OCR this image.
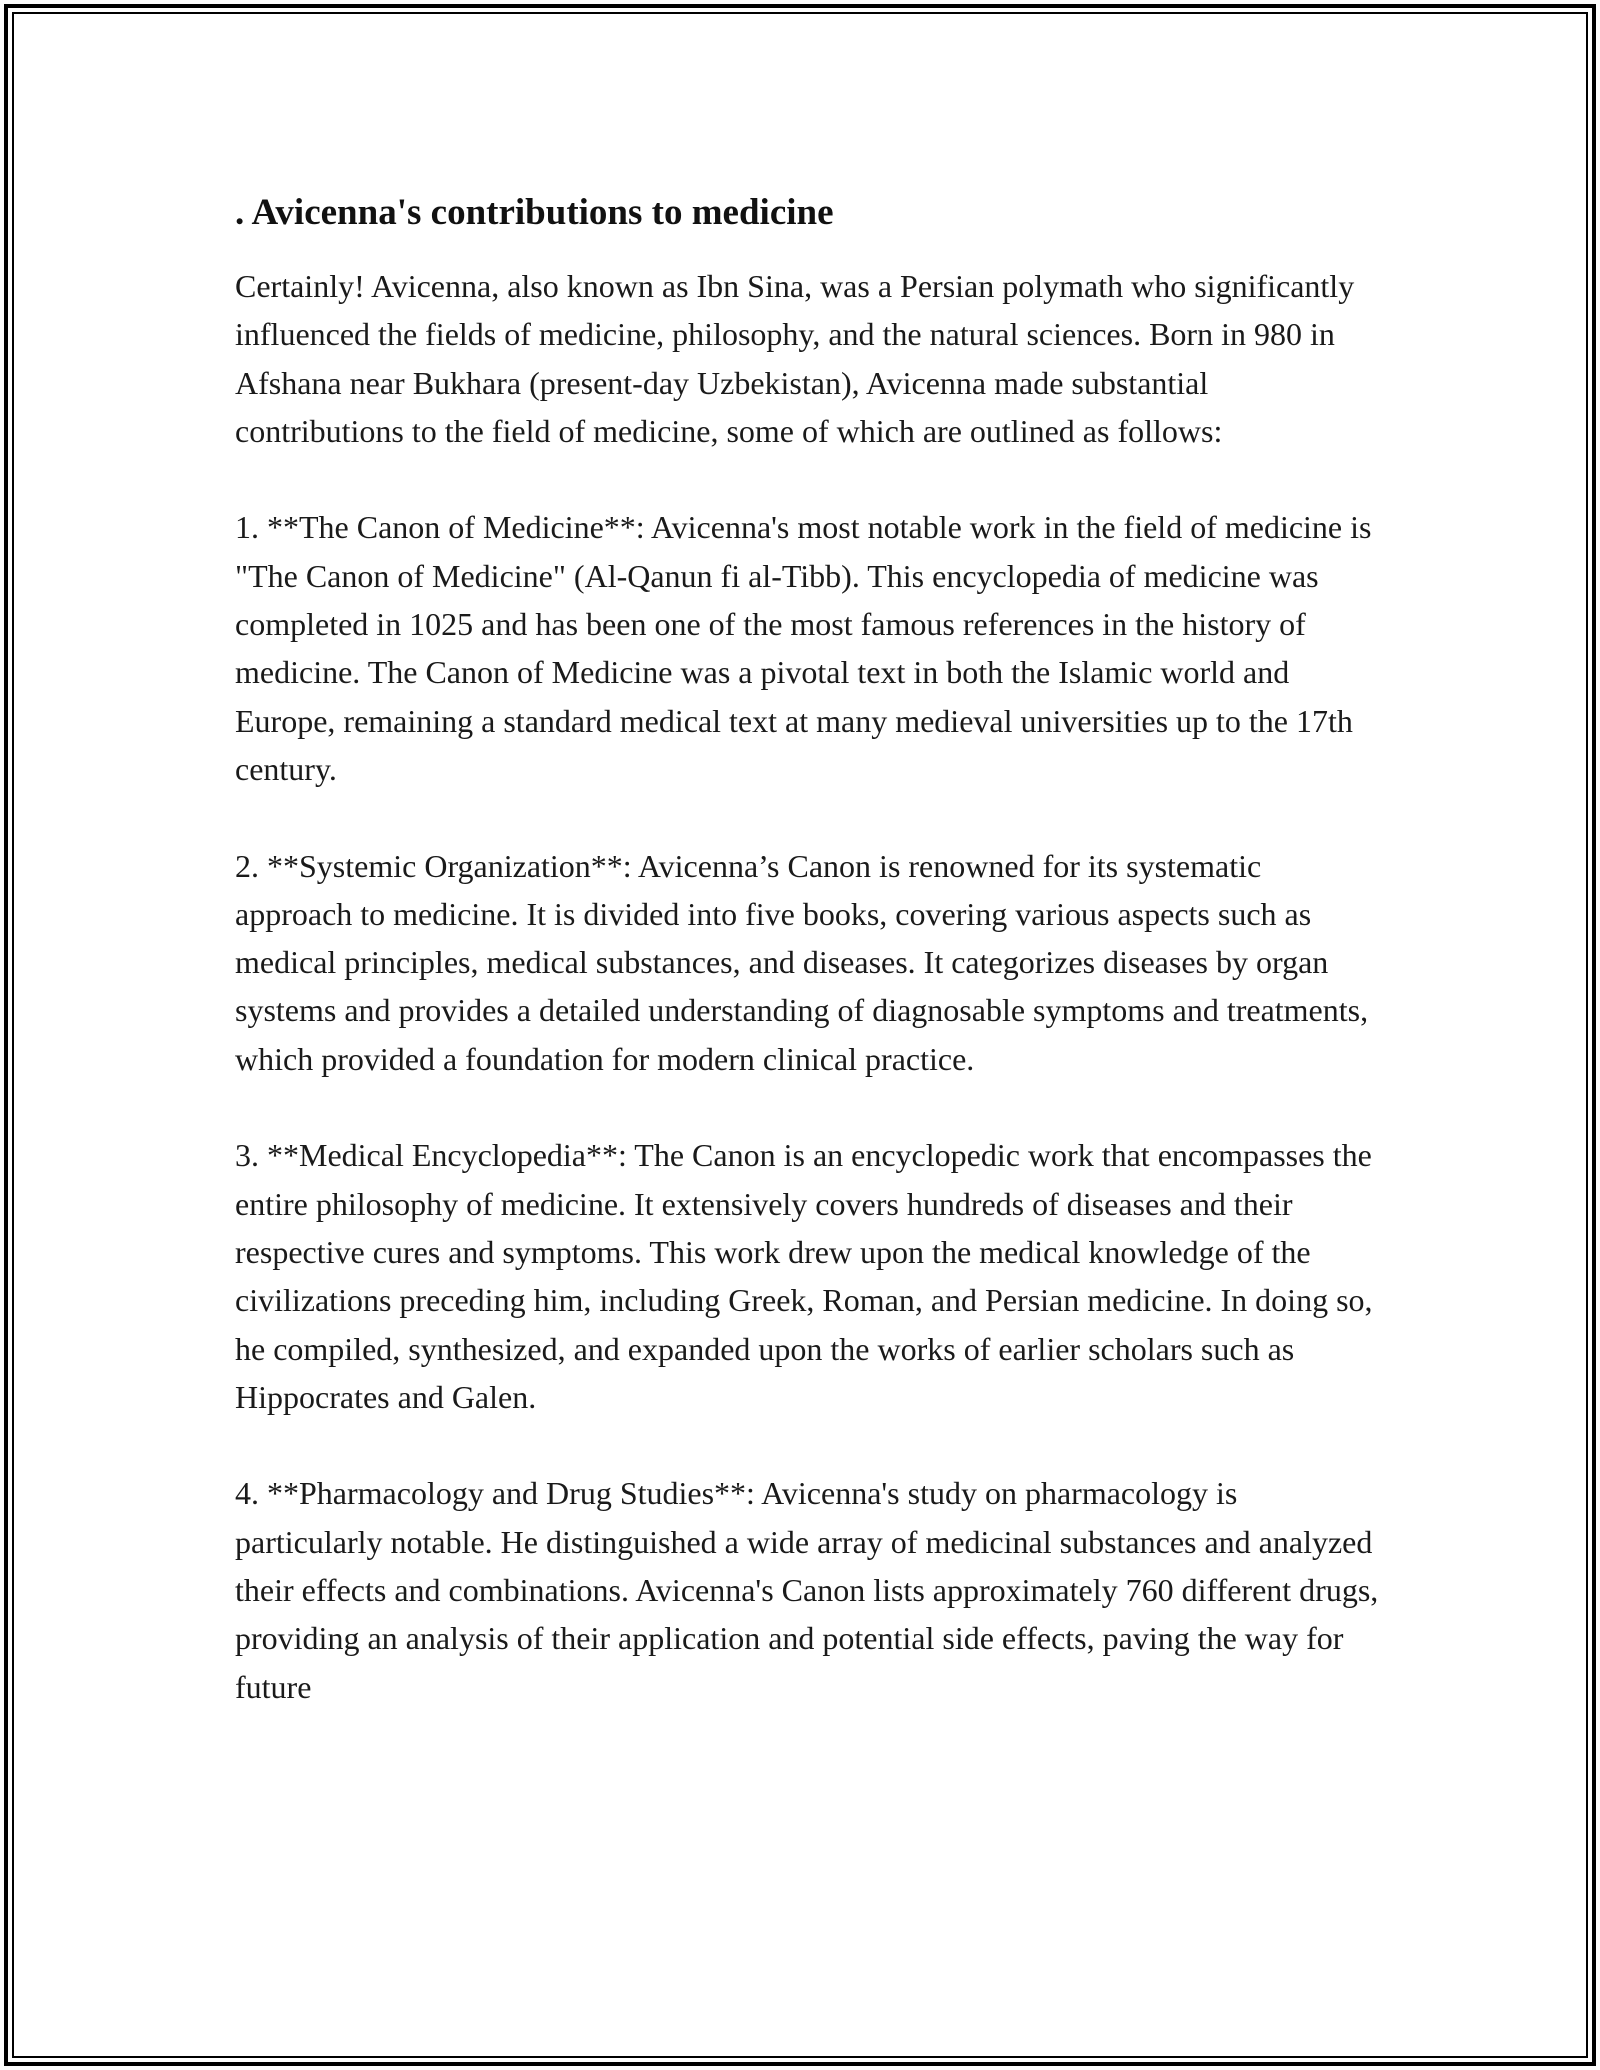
. Avicenna's contributions to medicine

Certainly! Avicenna, also known as Ibn Sina, was a Persian polymath who significantly influenced the fields of medicine, philosophy, and the natural sciences. Born in 980 in Afshana near Bukhara (present-day Uzbekistan), Avicenna made substantial contributions to the field of medicine, some of which are outlined as follows:

1. **The Canon of Medicine**: Avicenna's most notable work in the field of medicine is "The Canon of Medicine" (Al-Qanun fi al-Tibb). This encyclopedia of medicine was completed in 1025 and has been one of the most famous references in the history of medicine. The Canon of Medicine was a pivotal text in both the Islamic world and Europe, remaining a standard medical text at many medieval universities up to the 17th century.

2. **Systemic Organization**: Avicenna’s Canon is renowned for its systematic approach to medicine. It is divided into five books, covering various aspects such as medical principles, medical substances, and diseases. It categorizes diseases by organ systems and provides a detailed understanding of diagnosable symptoms and treatments, which provided a foundation for modern clinical practice.

3. **Medical Encyclopedia**: The Canon is an encyclopedic work that encompasses the entire philosophy of medicine. It extensively covers hundreds of diseases and their respective cures and symptoms. This work drew upon the medical knowledge of the civilizations preceding him, including Greek, Roman, and Persian medicine. In doing so, he compiled, synthesized, and expanded upon the works of earlier scholars such as Hippocrates and Galen.

4. **Pharmacology and Drug Studies**: Avicenna's study on pharmacology is particularly notable. He distinguished a wide array of medicinal substances and analyzed their effects and combinations. Avicenna's Canon lists approximately 760 different drugs, providing an analysis of their application and potential side effects, paving the way for future
